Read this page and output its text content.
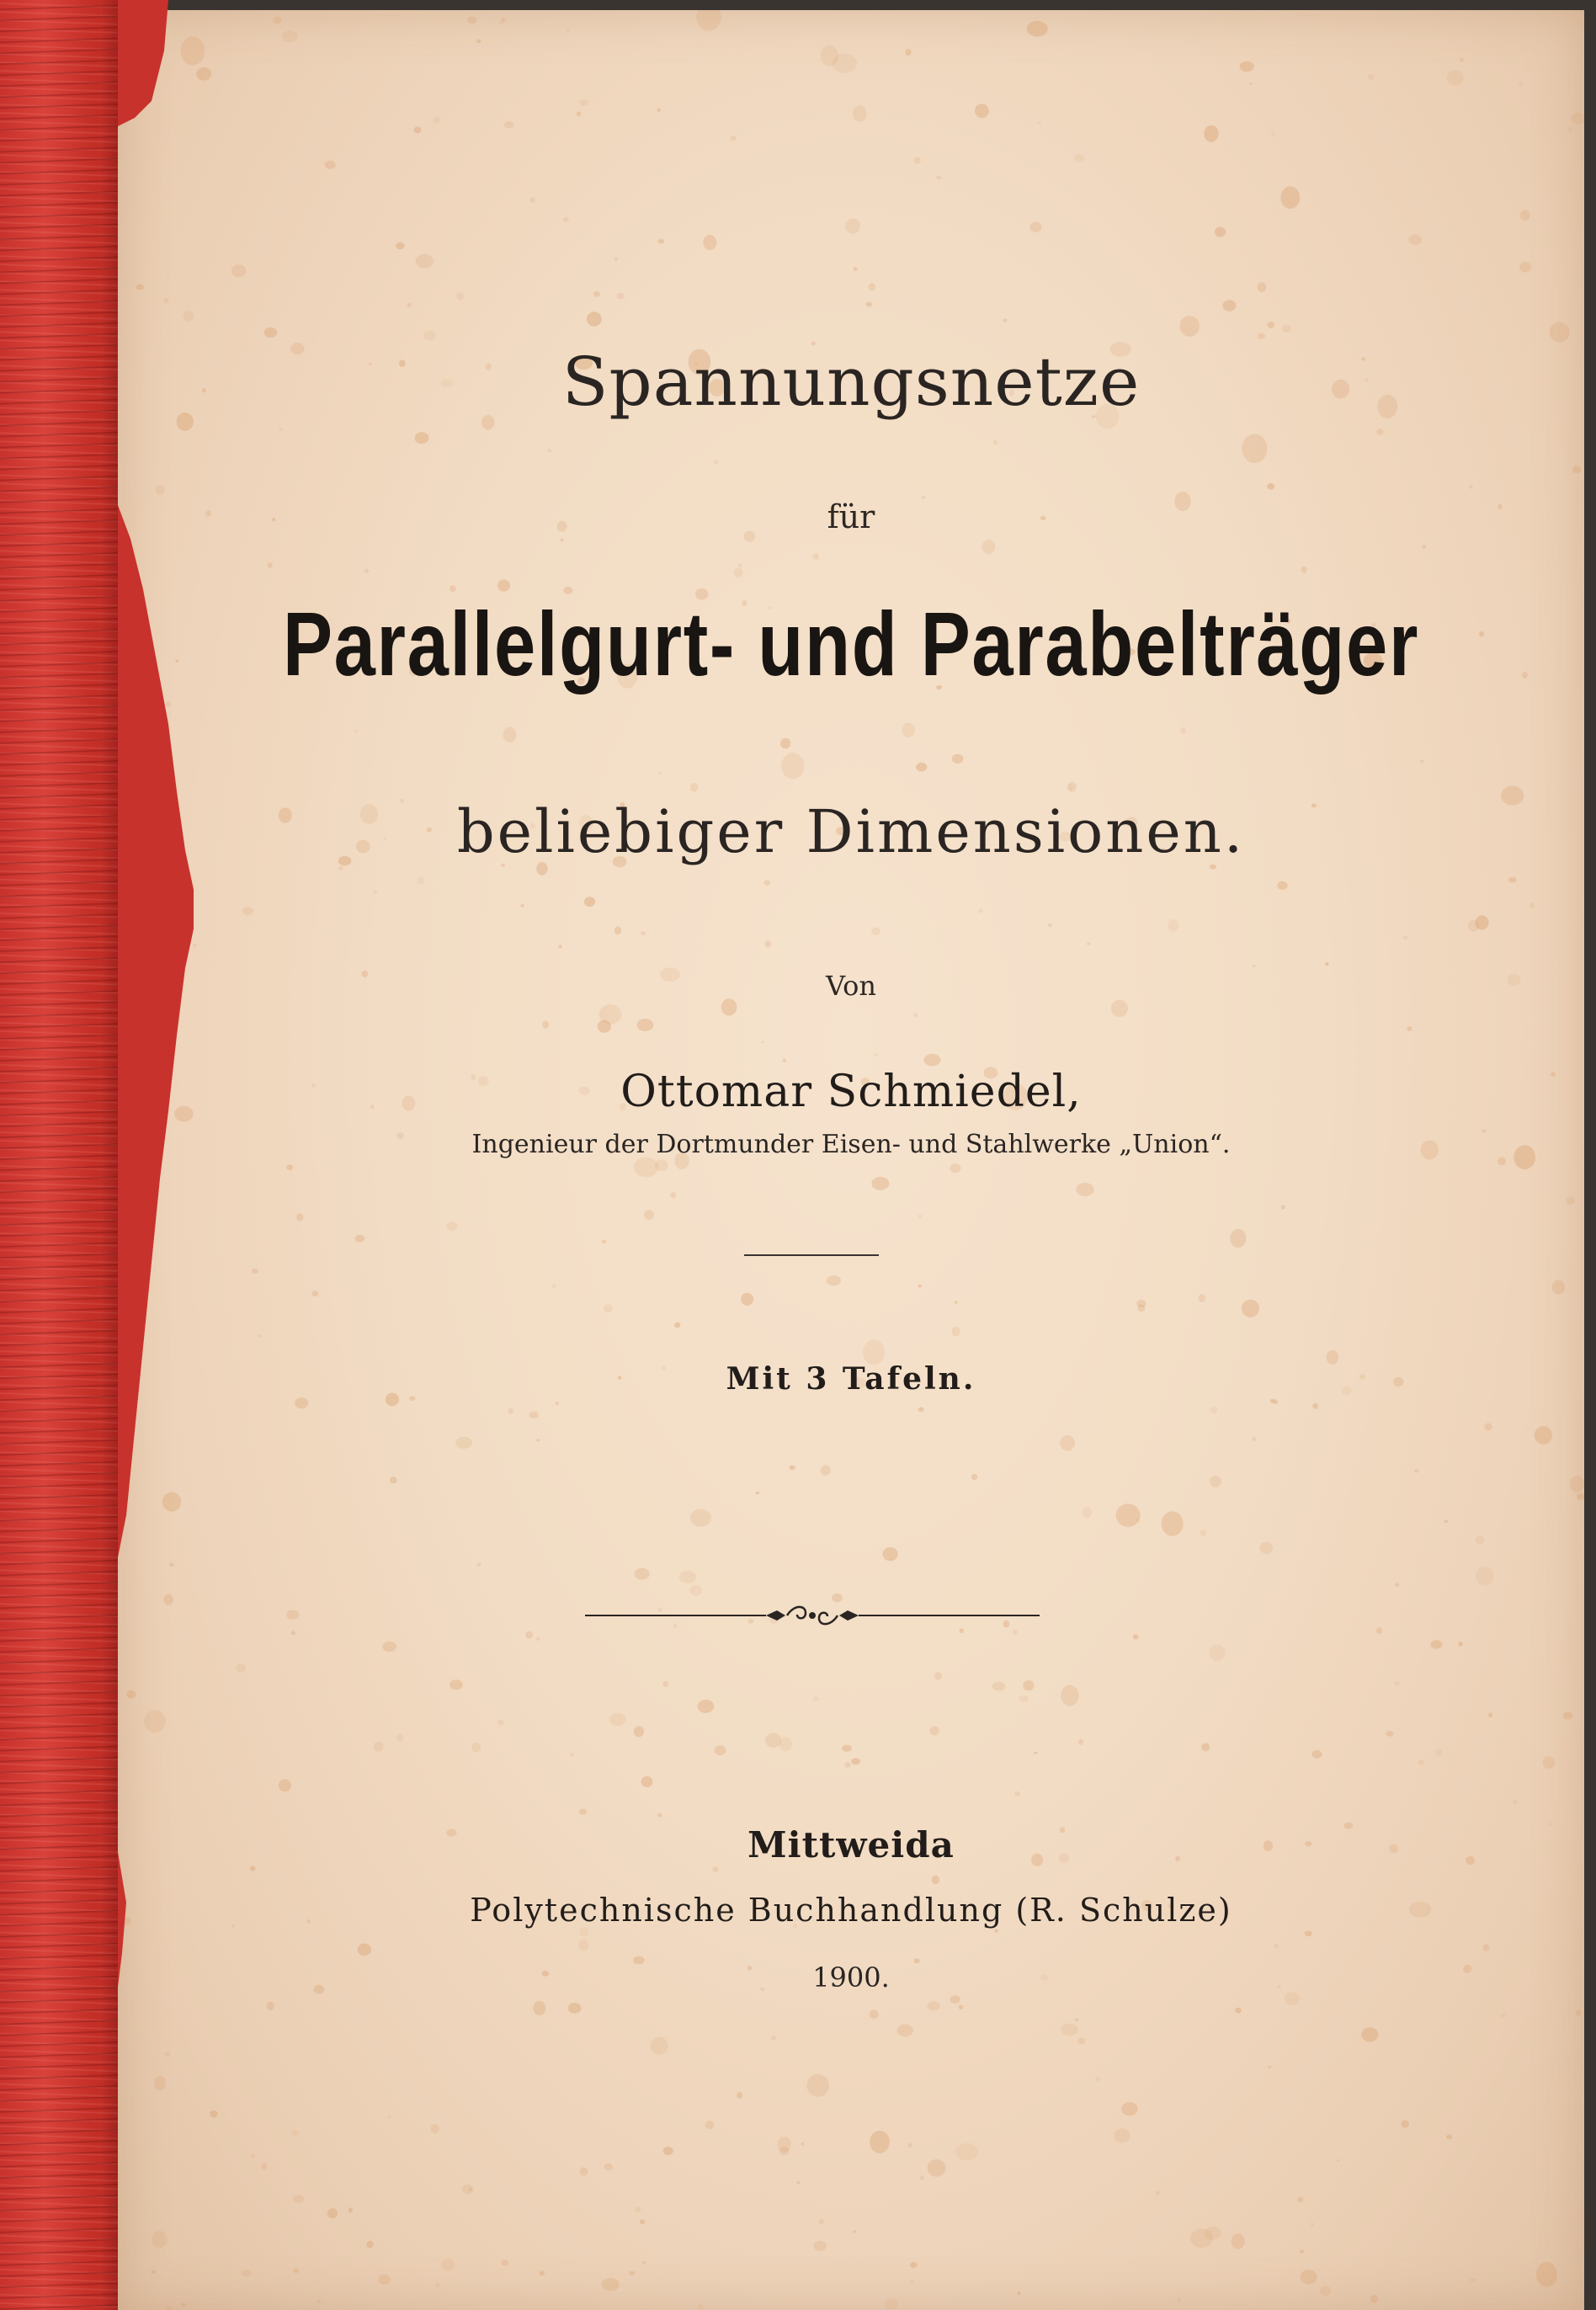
Spannungsnetze
für
Parallelgurt- und Parabelträger
beliebiger Dimensionen.
Von
Ottomar Schmiedel,
Ingenieur der Dortmunder Eisen- und Stahlwerke „Union“.
Mit 3 Tafeln.
Mittweida
Polytechnische Buchhandlung (R. Schulze)
1900.
